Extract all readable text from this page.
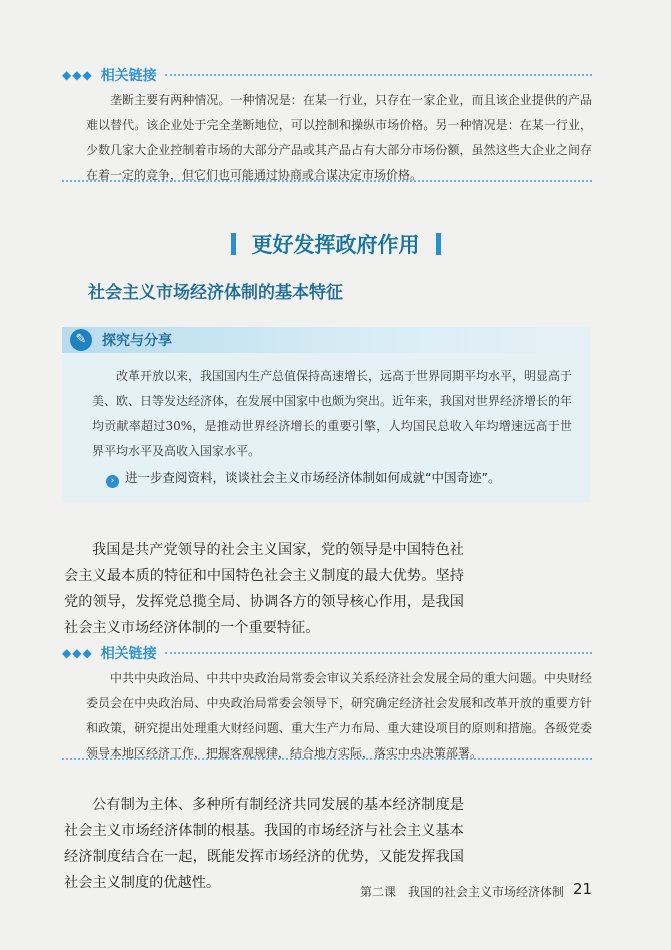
◆◆◆ 相关链接
垄断主要有两种情况。一种情况是：在某一行业，只存在一家企业，而且该企业提供的产品难以替代。该企业处于完全垄断地位，可以控制和操纵市场价格。另一种情况是：在某一行业，少数几家大企业控制着市场的大部分产品或其产品占有大部分市场份额，虽然这些大企业之间存在着一定的竞争，但它们也可能通过协商或合谋决定市场价格。
更好发挥政府作用
社会主义市场经济体制的基本特征
✎	探究与分享
改革开放以来，我国国内生产总值保持高速增长，远高于世界同期平均水平，明显高于美、欧、日等发达经济体，在发展中国家中也颇为突出。近年来，我国对世界经济增长的年均贡献率超过30%，是推动世界经济增长的重要引擎，人均国民总收入年均增速远高于世界平均水平及高收入国家水平。
› 进一步查阅资料，谈谈社会主义市场经济体制如何成就“中国奇迹”。
我国是共产党领导的社会主义国家，党的领导是中国特色社会主义最本质的特征和中国特色社会主义制度的最大优势。坚持党的领导，发挥党总揽全局、协调各方的领导核心作用，是我国社会主义市场经济体制的一个重要特征。
◆◆◆ 相关链接
中共中央政治局、中共中央政治局常委会审议关系经济社会发展全局的重大问题。中央财经委员会在中央政治局、中央政治局常委会领导下，研究确定经济社会发展和改革开放的重要方针和政策，研究提出处理重大财经问题、重大生产力布局、重大建设项目的原则和措施。各级党委领导本地区经济工作，把握客观规律，结合地方实际，落实中央决策部署。
公有制为主体、多种所有制经济共同发展的基本经济制度是社会主义市场经济体制的根基。我国的市场经济与社会主义基本经济制度结合在一起，既能发挥市场经济的优势，又能发挥我国社会主义制度的优越性。
第二课　我国的社会主义市场经济体制 21
